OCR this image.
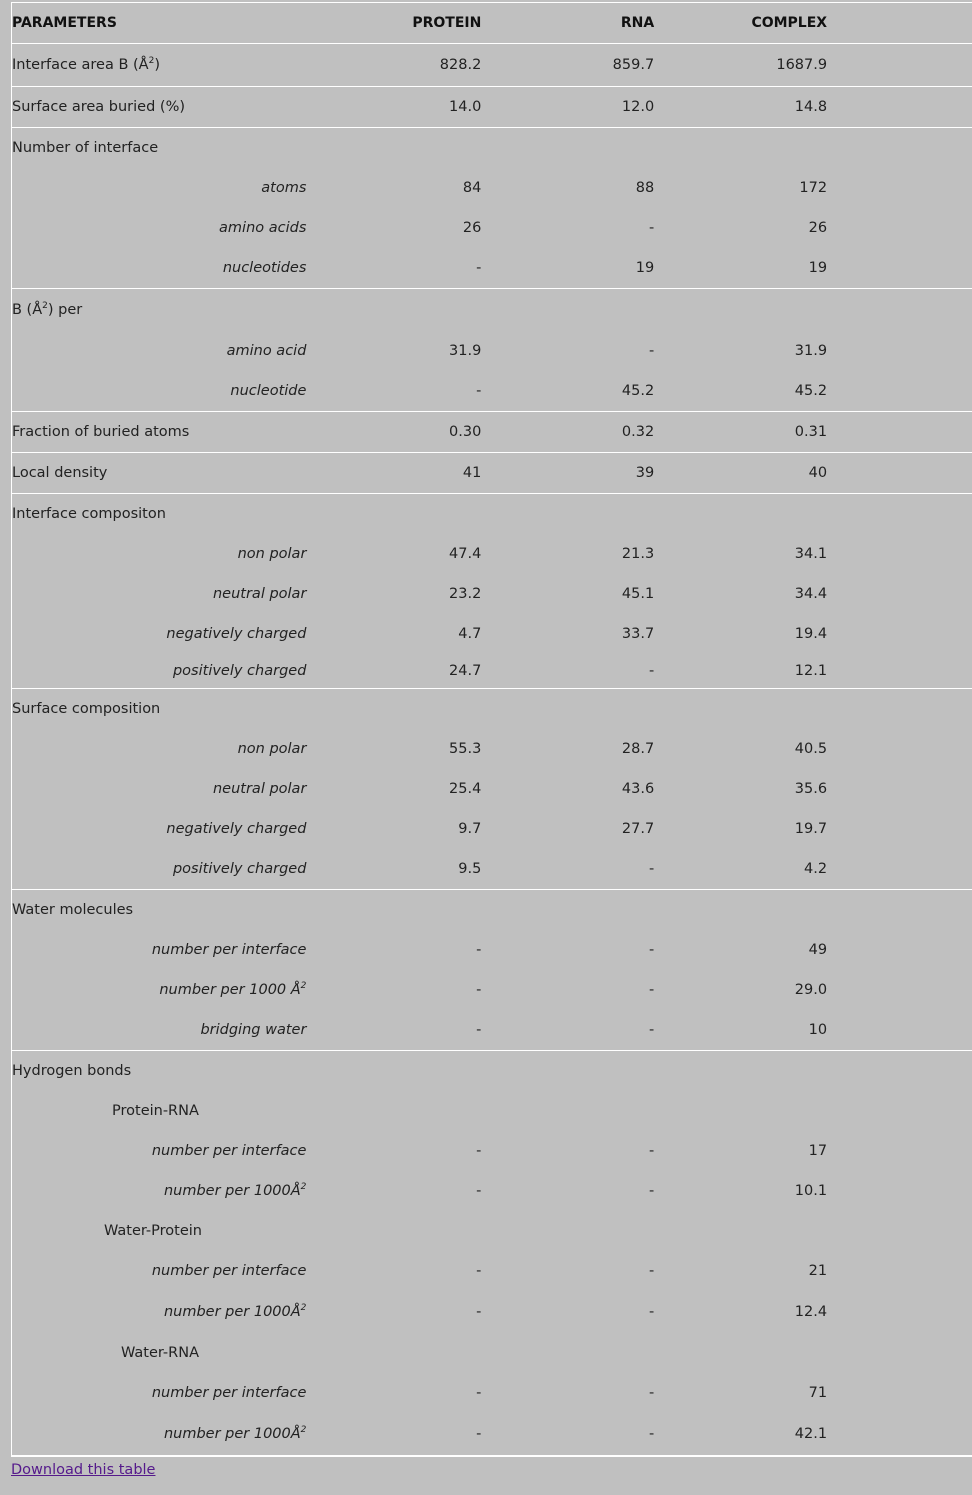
PARAMETERS	PROTEIN	RNA	COMPLEX	
Interface area B $(Å^2)$	828.2	859.7	1687.9	
Surface area buried (%)	14.0	12.0	14.8	
Number of interface				
atoms	84	88	172	
amino acids	26	-	26	
nucleotides	-	19	19	
B $(Å^2)$ per				
amino acid	31.9	-	31.9	
nucleotide	-	45.2	45.2	
Fraction of buried atoms	0.30	0.32	0.31	
Local density	41	39	40	
Interface compositon				
non polar	47.4	21.3	34.1	
neutral polar	23.2	45.1	34.4	
negatively charged	4.7	33.7	19.4	
positively charged	24.7	-	12.1	
Surface composition				
non polar	55.3	28.7	40.5	
neutral polar	25.4	43.6	35.6	
negatively charged	9.7	27.7	19.7	
positively charged	9.5	-	4.2	
Water molecules				
number per interface	-	-	49	
number per 1000 $Å^2$	-	-	29.0	
bridging water	-	-	10	
Hydrogen bonds				
Protein-RNA				
number per interface	-	-	17	
number per $1000Å^2$	-	-	10.1	
Water-Protein				
number per interface	-	-	21	
number per $1000Å^2$	-	-	12.4	
Water-RNA				
number per interface	-	-	71	
number per $1000Å^2$	-	-	42.1	
Download this table
